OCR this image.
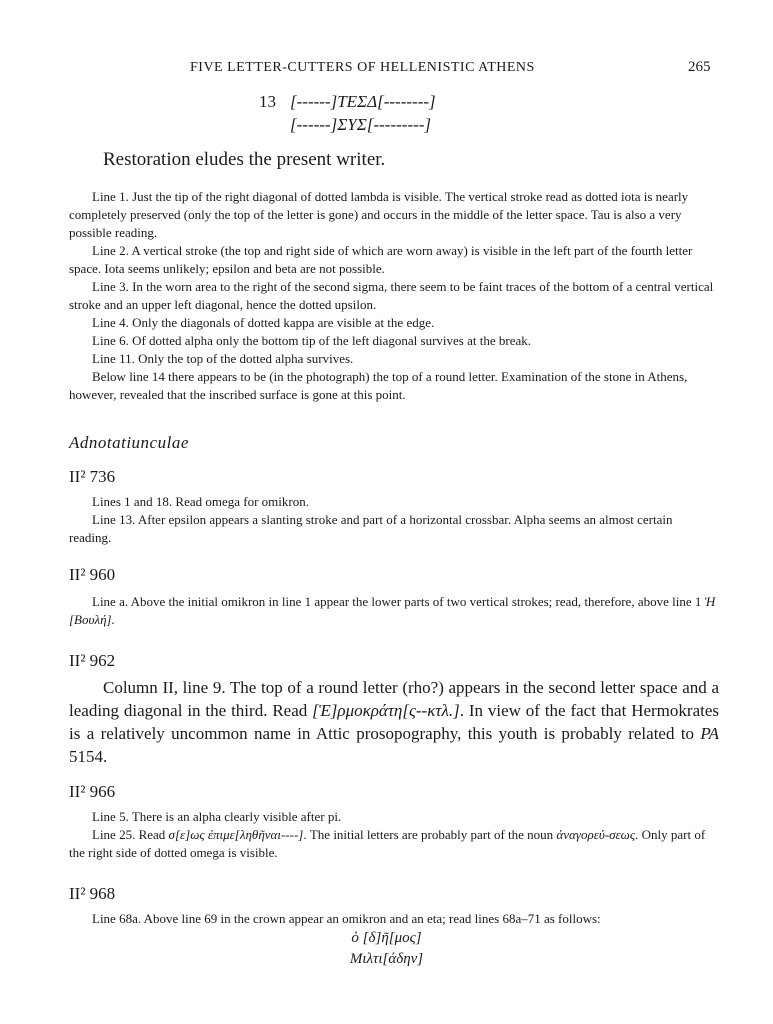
FIVE LETTER-CUTTERS OF HELLENISTIC ATHENS	265
13 [------]ΤΕΣΔ[--------]
[------]ΣΥΣ[---------]
Restoration eludes the present writer.
Line 1. Just the tip of the right diagonal of dotted lambda is visible. The vertical stroke read as dotted iota is nearly completely preserved (only the top of the letter is gone) and occurs in the middle of the letter space. Tau is also a very possible reading.
Line 2. A vertical stroke (the top and right side of which are worn away) is visible in the left part of the fourth letter space. Iota seems unlikely; epsilon and beta are not possible.
Line 3. In the worn area to the right of the second sigma, there seem to be faint traces of the bottom of a central vertical stroke and an upper left diagonal, hence the dotted upsilon.
Line 4. Only the diagonals of dotted kappa are visible at the edge.
Line 6. Of dotted alpha only the bottom tip of the left diagonal survives at the break.
Line 11. Only the top of the dotted alpha survives.
Below line 14 there appears to be (in the photograph) the top of a round letter. Examination of the stone in Athens, however, revealed that the inscribed surface is gone at this point.
Adnotatiunculae
II² 736
Lines 1 and 18. Read omega for omikron.
Line 13. After epsilon appears a slanting stroke and part of a horizontal crossbar. Alpha seems an almost certain reading.
II² 960
Line a. Above the initial omikron in line 1 appear the lower parts of two vertical strokes; read, therefore, above line 1 Ἡ [Βουλή].
II² 962
Column II, line 9. The top of a round letter (rho?) appears in the second letter space and a leading diagonal in the third. Read [Ἑ]ρμοκράτη[ς--κτλ.]. In view of the fact that Hermokrates is a relatively uncommon name in Attic prosopography, this youth is probably related to PA 5154.
II² 966
Line 5. There is an alpha clearly visible after pi.
Line 25. Read σ[ε]ως ἐπιμε[ληθῆναι----]. The initial letters are probably part of the noun ἀναγορεύ-σεως. Only part of the right side of dotted omega is visible.
II² 968
Line 68a. Above line 69 in the crown appear an omikron and an eta; read lines 68a–71 as follows:
ὁ [δ]ῆ[μος]
Μιλτι[άδην]
